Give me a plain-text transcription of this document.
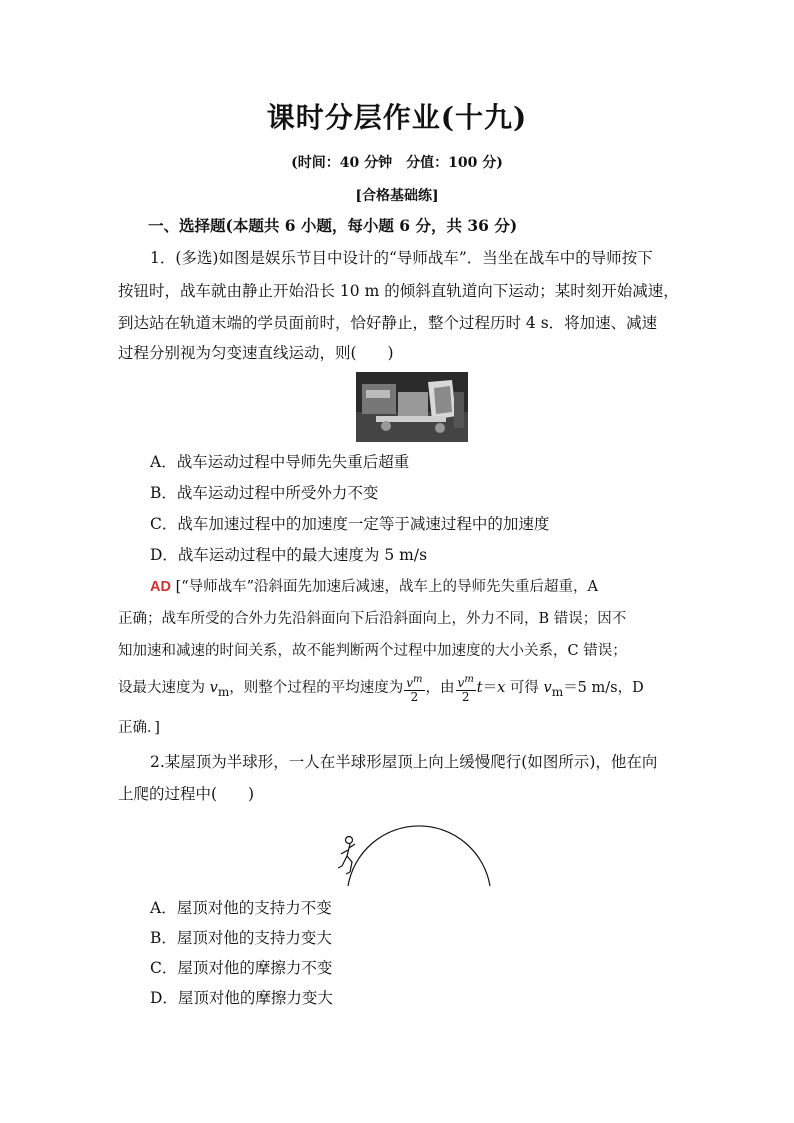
课时分层作业(十九)
(时间：40 分钟　分值：100 分)
[合格基础练]
一、选择题(本题共 6 小题，每小题 6 分，共 36 分)
1．(多选)如图是娱乐节目中设计的“导师战车”．当坐在战车中的导师按下
按钮时，战车就由静止开始沿长 10 m 的倾斜直轨道向下运动；某时刻开始减速，
到达站在轨道末端的学员面前时，恰好静止，整个过程历时 4 s．将加速、减速
过程分别视为匀变速直线运动，则(　　)
A．战车运动过程中导师先失重后超重
B．战车运动过程中所受外力不变
C．战车加速过程中的加速度一定等于减速过程中的加速度
D．战车运动过程中的最大速度为 5 m/s
AD [“导师战车”沿斜面先加速后减速，战车上的导师先失重后超重，A
正确；战车所受的合外力先沿斜面向下后沿斜面向上，外力不同，B 错误；因不
知加速和减速的时间关系，故不能判断两个过程中加速度的大小关系，C 错误；
设最大速度为 $v_m$，则整个过程的平均速度为 $\frac{v^m}{2}$ ，由 $\frac{v^m}{2} t=x$ 可得 $v_m=5$ m/s，D
正确．]
2.某屋顶为半球形，一人在半球形屋顶上向上缓慢爬行(如图所示)，他在向
上爬的过程中(　　)
A．屋顶对他的支持力不变
B．屋顶对他的支持力变大
C．屋顶对他的摩擦力不变
D．屋顶对他的摩擦力变大
